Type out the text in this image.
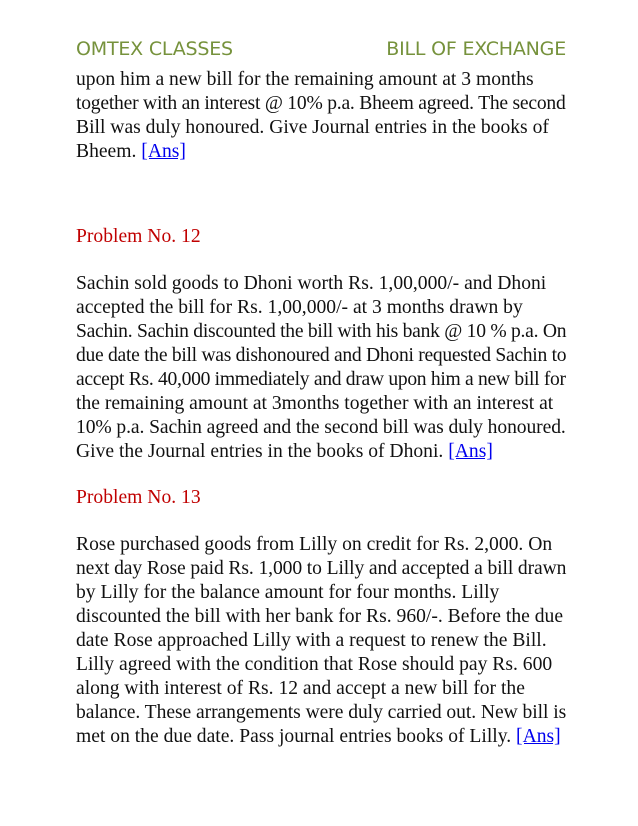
OMTEX CLASSES	BILL OF EXCHANGE
upon him a new bill for the remaining amount at 3 months
together with an interest @ 10% p.a. Bheem agreed. The second
Bill was duly honoured. Give Journal entries in the books of
Bheem. [Ans]
Problem No. 12
Sachin sold goods to Dhoni worth Rs. 1,00,000/- and Dhoni
accepted the bill for Rs. 1,00,000/- at 3 months drawn by
Sachin. Sachin discounted the bill with his bank @ 10 % p.a. On
due date the bill was dishonoured and Dhoni requested Sachin to
accept Rs. 40,000 immediately and draw upon him a new bill for
the remaining amount at 3months together with an interest at
10% p.a. Sachin agreed and the second bill was duly honoured.
Give the Journal entries in the books of Dhoni. [Ans]
Problem No. 13
Rose purchased goods from Lilly on credit for Rs. 2,000. On
next day Rose paid Rs. 1,000 to Lilly and accepted a bill drawn
by Lilly for the balance amount for four months. Lilly
discounted the bill with her bank for Rs. 960/-. Before the due
date Rose approached Lilly with a request to renew the Bill.
Lilly agreed with the condition that Rose should pay Rs. 600
along with interest of Rs. 12 and accept a new bill for the
balance. These arrangements were duly carried out. New bill is
met on the due date. Pass journal entries books of Lilly. [Ans]
